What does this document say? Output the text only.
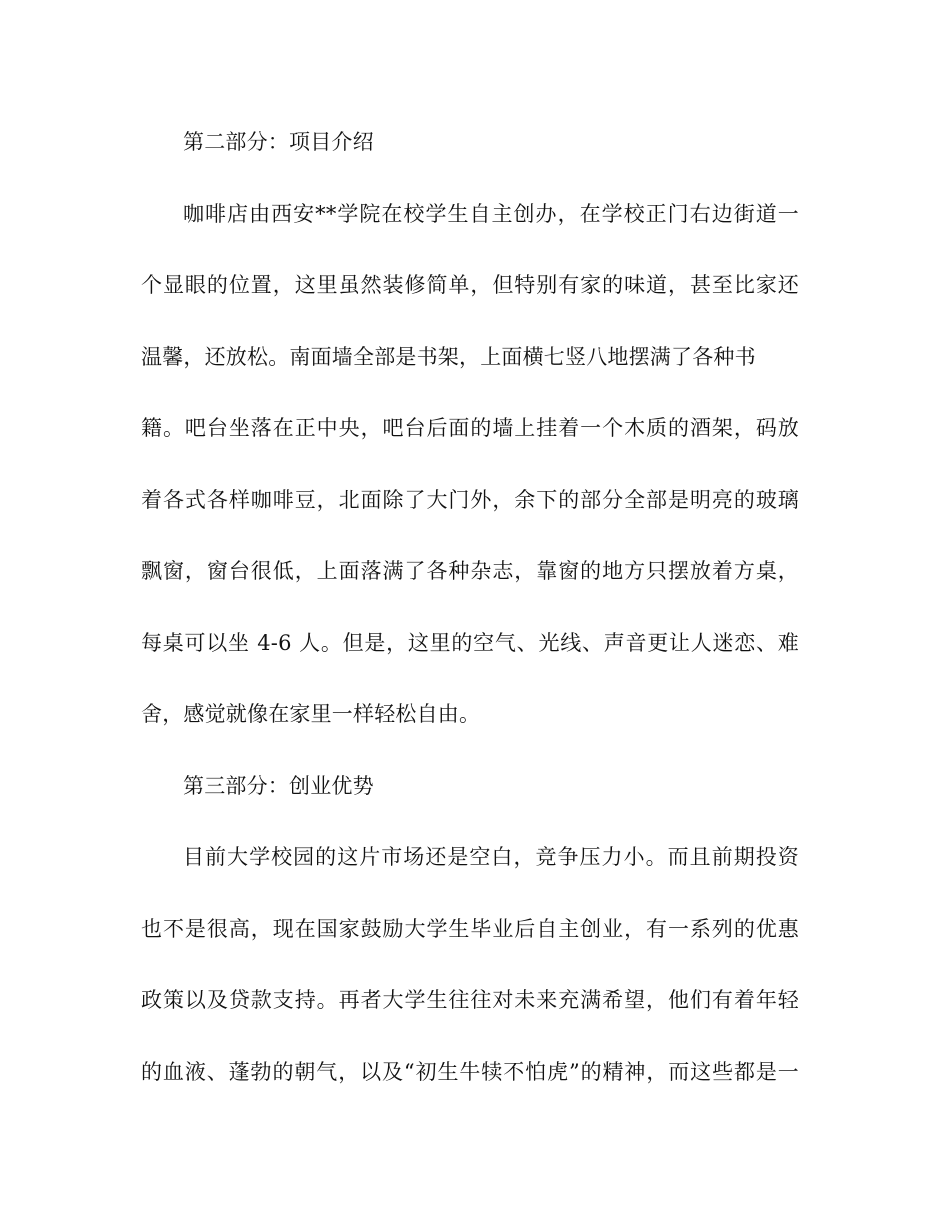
第二部分：项目介绍
咖啡店由西安**学院在校学生自主创办，在学校正门右边街道一
个显眼的位置，这里虽然装修简单，但特别有家的味道，甚至比家还
温馨，还放松。南面墙全部是书架，上面横七竖八地摆满了各种书
籍。吧台坐落在正中央，吧台后面的墙上挂着一个木质的酒架，码放
着各式各样咖啡豆，北面除了大门外，余下的部分全部是明亮的玻璃
飘窗，窗台很低，上面落满了各种杂志，靠窗的地方只摆放着方桌，
每桌可以坐 4-6 人。但是，这里的空气、光线、声音更让人迷恋、难
舍，感觉就像在家里一样轻松自由。
第三部分：创业优势
目前大学校园的这片市场还是空白，竞争压力小。而且前期投资
也不是很高，现在国家鼓励大学生毕业后自主创业，有一系列的优惠
政策以及贷款支持。再者大学生往往对未来充满希望，他们有着年轻
的血液、蓬勃的朝气，以及“初生牛犊不怕虎”的精神，而这些都是一
